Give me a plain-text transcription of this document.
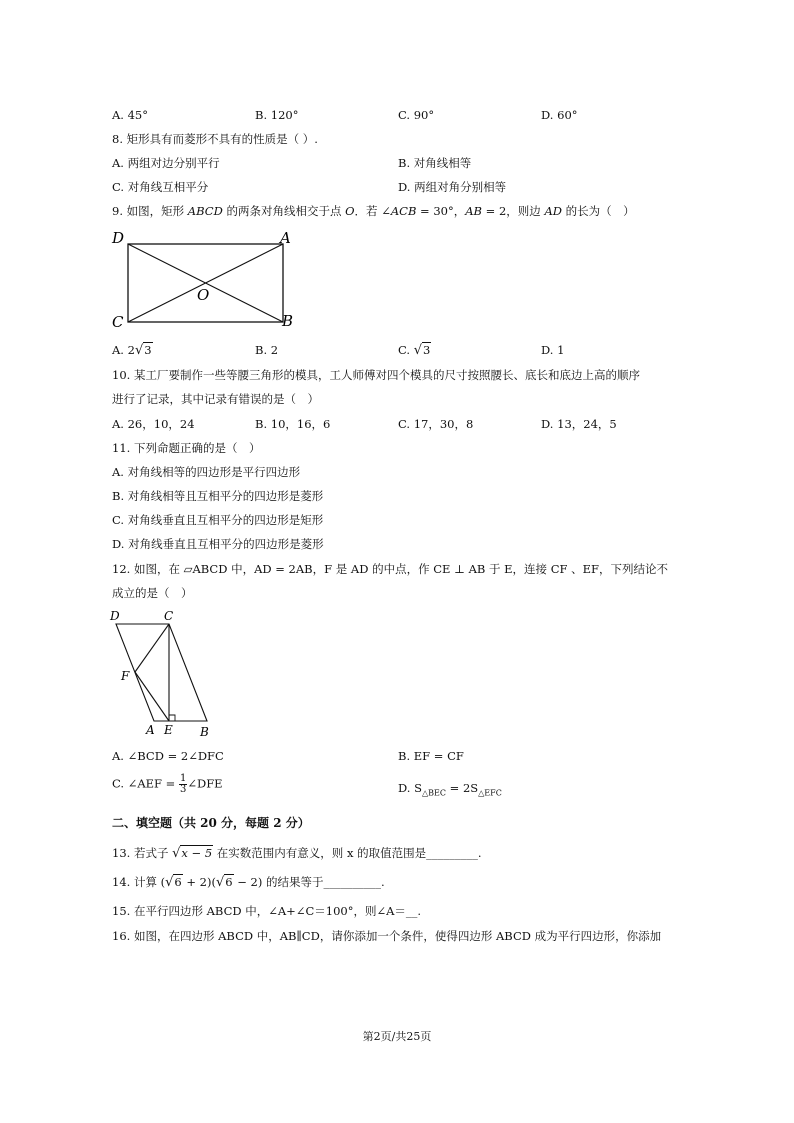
A. 45°	B. 120°	C. 90°	D. 60°
8. 矩形具有而菱形不具有的性质是（ ）.
A. 两组对边分别平行	B. 对角线相等
C. 对角线互相平分	D. 两组对角分别相等
9. 如图，矩形 ABCD 的两条对角线相交于点 O．若 ∠ACB = 30°，AB = 2，则边 AD 的长为（　）
D	A
C	B
O
A. 2√3	B. 2	C. √3	D. 1
10. 某工厂要制作一些等腰三角形的模具，工人师傅对四个模具的尺寸按照腰长、底长和底边上高的顺序
进行了记录，其中记录有错误的是（　）
A. 26，10，24	B. 10，16，6	C. 17，30，8	D. 13，24，5
11. 下列命题正确的是（　）
A. 对角线相等的四边形是平行四边形
B. 对角线相等且互相平分的四边形是菱形
C. 对角线垂直且互相平分的四边形是矩形
D. 对角线垂直且互相平分的四边形是菱形
12. 如图，在 ▱ABCD 中，AD = 2AB，F 是 AD 的中点，作 CE ⊥ AB 于 E，连接 CF 、EF，下列结论不
成立的是（　）
D	C
F
A E B
A. ∠BCD = 2∠DFC	B. EF = CF
C. ∠AEF = $\frac{1}{3}$ ∠DFE	D. $S_{\triangle BEC} = 2S_{\triangle EFC}$
二、填空题（共 20 分，每题 2 分）
13. 若式子 √x − 5 在实数范围内有意义，则 x 的取值范围是_________.
14. 计算 (√6 + 2)(√6 − 2) 的结果等于__________.
15. 在平行四边形 ABCD 中，∠A+∠C＝100°，则∠A＝__.
16. 如图，在四边形 ABCD 中，AB∥CD，请你添加一个条件，使得四边形 ABCD 成为平行四边形，你添加
第2页/共25页
